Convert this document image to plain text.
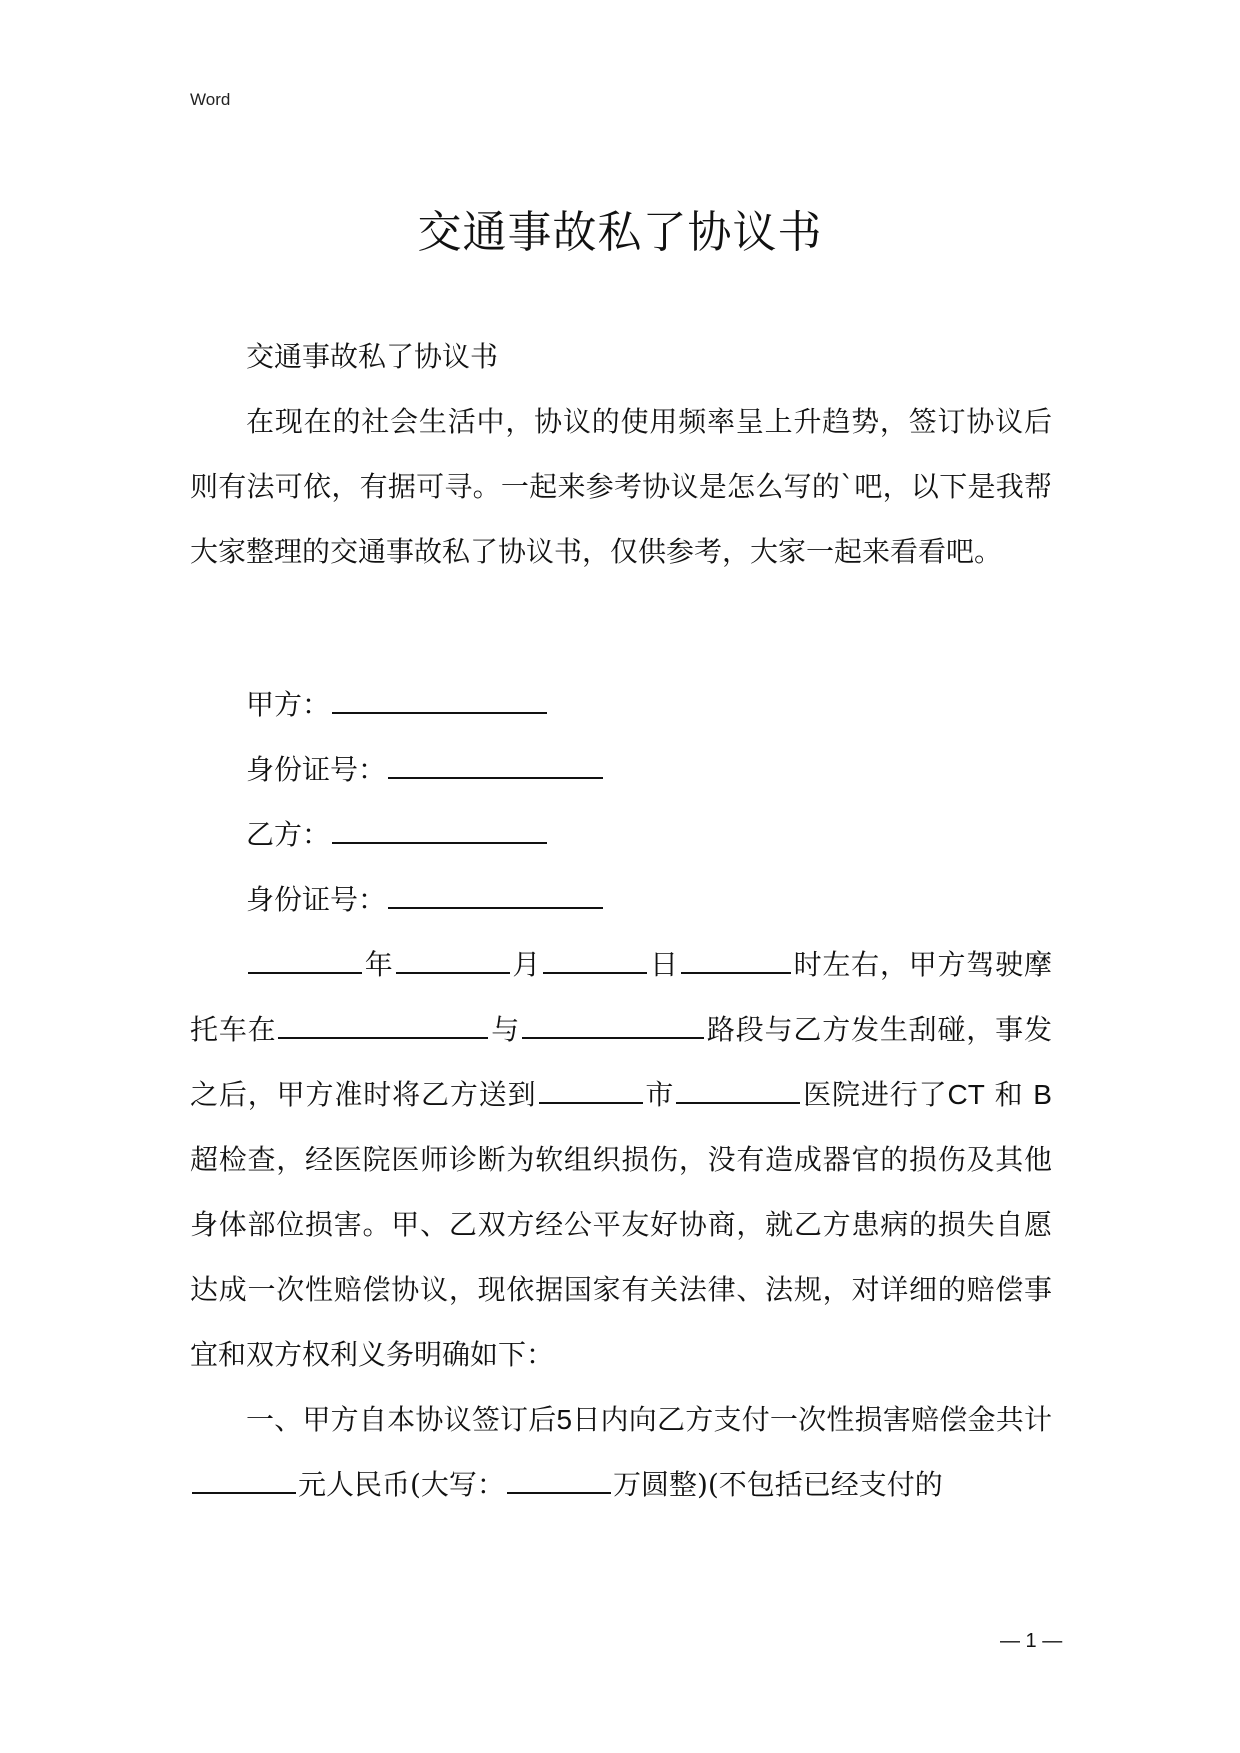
Word
交通事故私了协议书

交通事故私了协议书

在现在的社会生活中，协议的使用频率呈上升趋势，签订协议后则有法可依，有据可寻。一起来参考协议是怎么写的`吧，以下是我帮大家整理的交通事故私了协议书，仅供参考，大家一起来看看吧。

甲方：

身份证号：

乙方：

身份证号：

年	月	日	时左右，甲方驾驶摩托车在	与	路段与乙方发生刮碰，事发之后，甲方准时将乙方送到	市	医院进行了CT 和 B 超检查，经医院医师诊断为软组织损伤，没有造成器官的损伤及其他身体部位损害。甲、乙双方经公平友好协商，就乙方患病的损失自愿达成一次性赔偿协议，现依据国家有关法律、法规，对详细的赔偿事宜和双方权利义务明确如下：

一、甲方自本协议签订后5日内向乙方支付一次性损害赔偿金共计元人民币(大写：	万圆整)(不包括已经支付的

— 1 —
